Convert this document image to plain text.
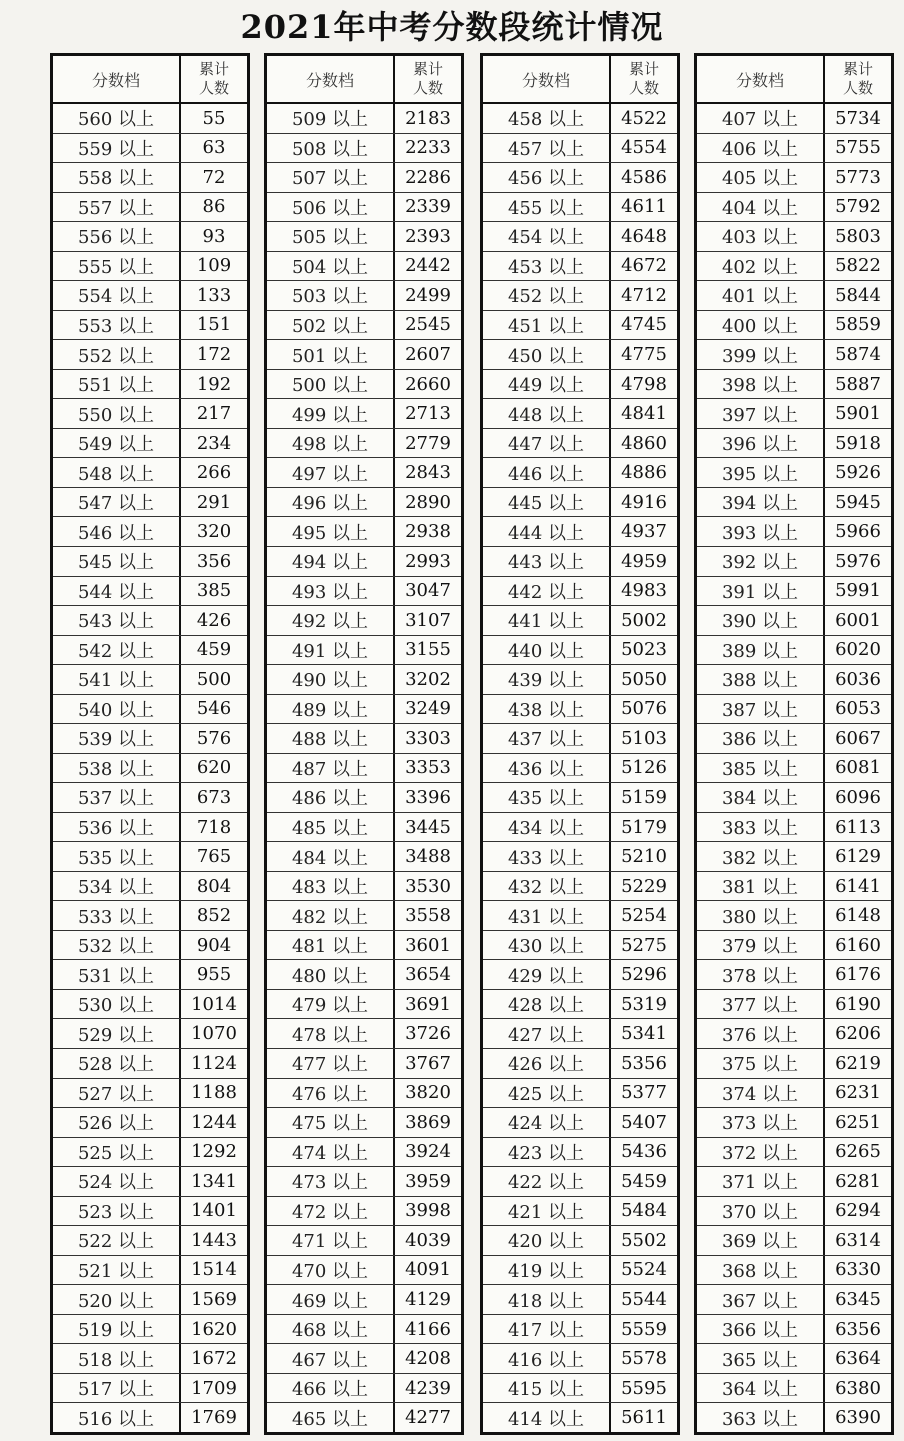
2021年中考分数段统计情况
分数档
累计
人数
560 以上	55
559 以上	63
558 以上	72
557 以上	86
556 以上	93
555 以上	109
554 以上	133
553 以上	151
552 以上	172
551 以上	192
550 以上	217
549 以上	234
548 以上	266
547 以上	291
546 以上	320
545 以上	356
544 以上	385
543 以上	426
542 以上	459
541 以上	500
540 以上	546
539 以上	576
538 以上	620
537 以上	673
536 以上	718
535 以上	765
534 以上	804
533 以上	852
532 以上	904
531 以上	955
530 以上	1014
529 以上	1070
528 以上	1124
527 以上	1188
526 以上	1244
525 以上	1292
524 以上	1341
523 以上	1401
522 以上	1443
521 以上	1514
520 以上	1569
519 以上	1620
518 以上	1672
517 以上	1709
516 以上	1769
分数档
累计
人数
509 以上	2183
508 以上	2233
507 以上	2286
506 以上	2339
505 以上	2393
504 以上	2442
503 以上	2499
502 以上	2545
501 以上	2607
500 以上	2660
499 以上	2713
498 以上	2779
497 以上	2843
496 以上	2890
495 以上	2938
494 以上	2993
493 以上	3047
492 以上	3107
491 以上	3155
490 以上	3202
489 以上	3249
488 以上	3303
487 以上	3353
486 以上	3396
485 以上	3445
484 以上	3488
483 以上	3530
482 以上	3558
481 以上	3601
480 以上	3654
479 以上	3691
478 以上	3726
477 以上	3767
476 以上	3820
475 以上	3869
474 以上	3924
473 以上	3959
472 以上	3998
471 以上	4039
470 以上	4091
469 以上	4129
468 以上	4166
467 以上	4208
466 以上	4239
465 以上	4277
分数档
累计
人数
458 以上	4522
457 以上	4554
456 以上	4586
455 以上	4611
454 以上	4648
453 以上	4672
452 以上	4712
451 以上	4745
450 以上	4775
449 以上	4798
448 以上	4841
447 以上	4860
446 以上	4886
445 以上	4916
444 以上	4937
443 以上	4959
442 以上	4983
441 以上	5002
440 以上	5023
439 以上	5050
438 以上	5076
437 以上	5103
436 以上	5126
435 以上	5159
434 以上	5179
433 以上	5210
432 以上	5229
431 以上	5254
430 以上	5275
429 以上	5296
428 以上	5319
427 以上	5341
426 以上	5356
425 以上	5377
424 以上	5407
423 以上	5436
422 以上	5459
421 以上	5484
420 以上	5502
419 以上	5524
418 以上	5544
417 以上	5559
416 以上	5578
415 以上	5595
414 以上	5611
分数档
累计
人数
407 以上	5734
406 以上	5755
405 以上	5773
404 以上	5792
403 以上	5803
402 以上	5822
401 以上	5844
400 以上	5859
399 以上	5874
398 以上	5887
397 以上	5901
396 以上	5918
395 以上	5926
394 以上	5945
393 以上	5966
392 以上	5976
391 以上	5991
390 以上	6001
389 以上	6020
388 以上	6036
387 以上	6053
386 以上	6067
385 以上	6081
384 以上	6096
383 以上	6113
382 以上	6129
381 以上	6141
380 以上	6148
379 以上	6160
378 以上	6176
377 以上	6190
376 以上	6206
375 以上	6219
374 以上	6231
373 以上	6251
372 以上	6265
371 以上	6281
370 以上	6294
369 以上	6314
368 以上	6330
367 以上	6345
366 以上	6356
365 以上	6364
364 以上	6380
363 以上	6390
